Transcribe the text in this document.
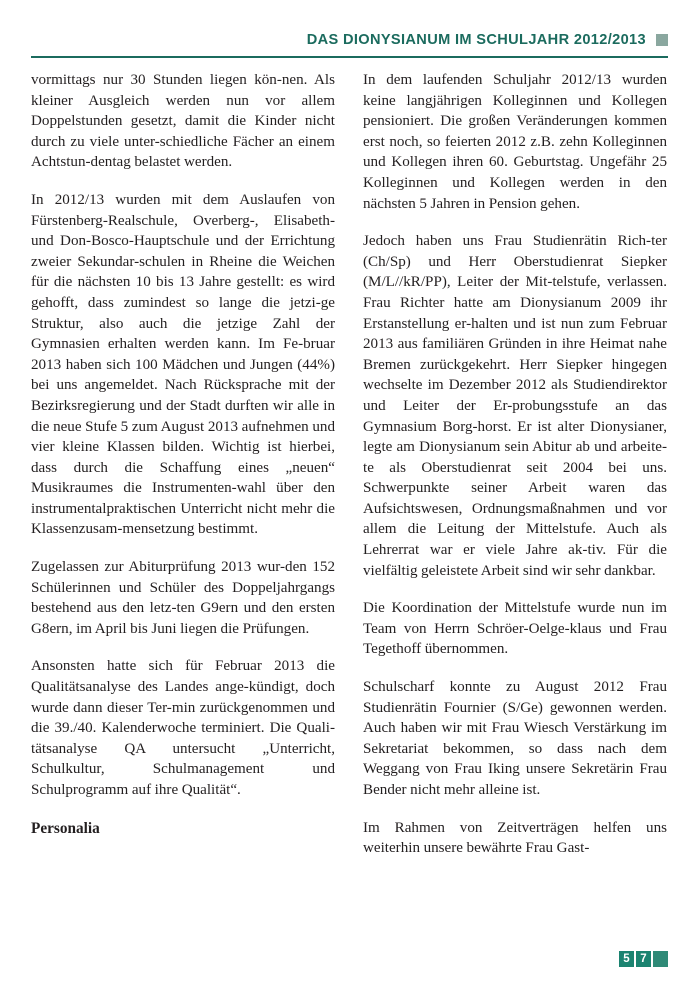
DAS DIONYSIANUM IM SCHULJAHR 2012/2013

vormittags nur 30 Stunden liegen kön-nen. Als kleiner Ausgleich werden nun vor allem Doppelstunden gesetzt, damit die Kinder nicht durch zu viele unter-schiedliche Fächer an einem Achtstun-dentag belastet werden.

In 2012/13 wurden mit dem Auslaufen von Fürstenberg-Realschule, Overberg-, Elisabeth- und Don-Bosco-Hauptschule und der Errichtung zweier Sekundar-schulen in Rheine die Weichen für die nächsten 10 bis 13 Jahre gestellt: es wird gehofft, dass zumindest so lange die jetzi-ge Struktur, also auch die jetzige Zahl der Gymnasien erhalten werden kann. Im Fe-bruar 2013 haben sich 100 Mädchen und Jungen (44%) bei uns angemeldet. Nach Rücksprache mit der Bezirksregierung und der Stadt durften wir alle in die neue Stufe 5 zum August 2013 aufnehmen und vier kleine Klassen bilden. Wichtig ist hierbei, dass durch die Schaffung eines „neuen“ Musikraumes die Instrumenten-wahl über den instrumentalpraktischen Unterricht nicht mehr die Klassenzusam-mensetzung bestimmt.

Zugelassen zur Abiturprüfung 2013 wur-den 152 Schülerinnen und Schüler des Doppeljahrgangs bestehend aus den letz-ten G9ern und den ersten G8ern, im April bis Juni liegen die Prüfungen.

Ansonsten hatte sich für Februar 2013 die Qualitätsanalyse des Landes ange-kündigt, doch wurde dann dieser Ter-min zurückgenommen und die 39./40. Kalenderwoche terminiert. Die Quali-tätsanalyse QA untersucht „Unterricht, Schulkultur, Schulmanagement und Schulprogramm auf ihre Qualität“.

Personalia

In dem laufenden Schuljahr 2012/13 wurden keine langjährigen Kolleginnen und Kollegen pensioniert. Die großen Veränderungen kommen erst noch, so feierten 2012 z.B. zehn Kolleginnen und Kollegen ihren 60. Geburtstag. Ungefähr 25 Kolleginnen und Kollegen werden in den nächsten 5 Jahren in Pension gehen.

Jedoch haben uns Frau Studienrätin Rich-ter (Ch/Sp) und Herr Oberstudienrat Siepker (M/L//kR/PP), Leiter der Mit-telstufe, verlassen. Frau Richter hatte am Dionysianum 2009 ihr Erstanstellung er-halten und ist nun zum Februar 2013 aus familiären Gründen in ihre Heimat nahe Bremen zurückgekehrt. Herr Siepker hingegen wechselte im Dezember 2012 als Studiendirektor und Leiter der Er-probungsstufe an das Gymnasium Borg-horst. Er ist alter Dionysianer, legte am Dionysianum sein Abitur ab und arbeite-te als Oberstudienrat seit 2004 bei uns. Schwerpunkte seiner Arbeit waren das Aufsichtswesen, Ordnungsmaßnahmen und vor allem die Leitung der Mittelstufe. Auch als Lehrerrat war er viele Jahre ak-tiv. Für die vielfältig geleistete Arbeit sind wir sehr dankbar.

Die Koordination der Mittelstufe wurde nun im Team von Herrn Schröer-Oelge-klaus und Frau Tegethoff übernommen.

Schulscharf konnte zu August 2012 Frau Studienrätin Fournier (S/Ge) gewonnen werden. Auch haben wir mit Frau Wiesch Verstärkung im Sekretariat bekommen, so dass nach dem Weggang von Frau Iking unsere Sekretärin Frau Bender nicht mehr alleine ist.

Im Rahmen von Zeitverträgen helfen uns weiterhin unsere bewährte Frau Gast-

5 7
